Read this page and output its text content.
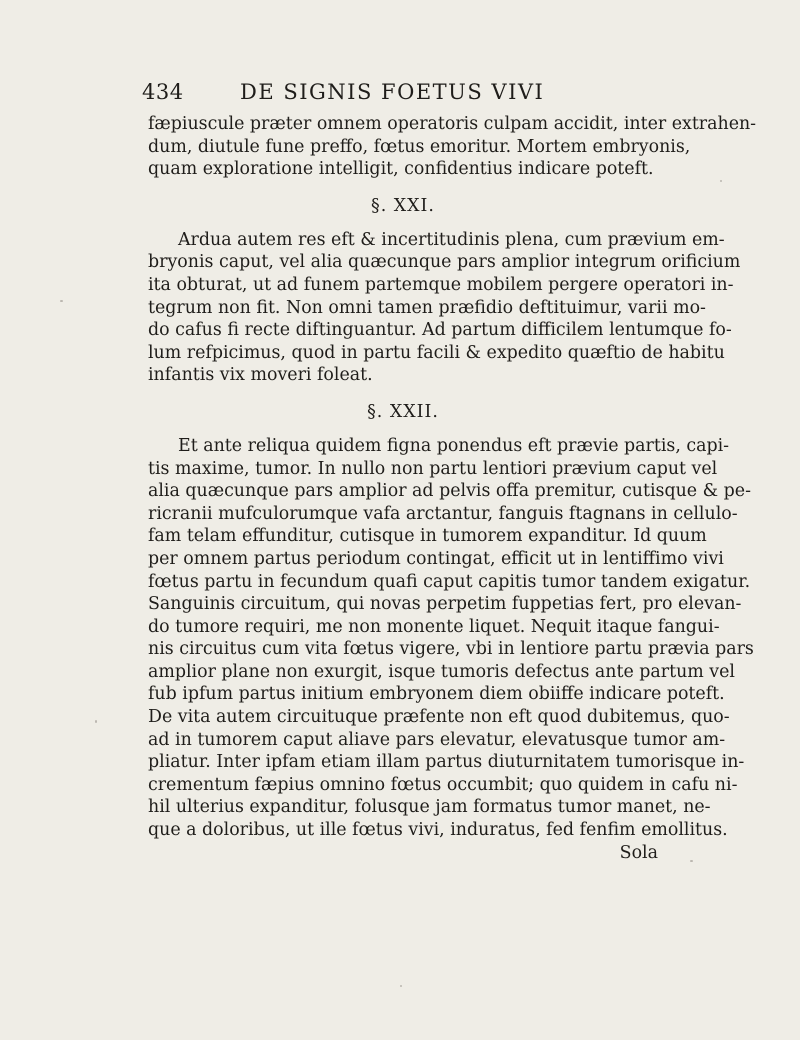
434	DE SIGNIS FOETUS VIVI
fæpiuscule præter omnem operatoris culpam accidit, inter extrahen-
dum, diutule fune preffo, fœtus emoritur. Mortem embryonis,
quam exploratione intelligit, confidentius indicare poteft.
§. XXI.
Ardua autem res eft & incertitudinis plena, cum prævium em-
bryonis caput, vel alia quæcunque pars amplior integrum orificium
ita obturat, ut ad funem partemque mobilem pergere operatori in-
tegrum non fit. Non omni tamen præfidio deftituimur, varii mo-
do cafus fi recte diftinguantur. Ad partum difficilem lentumque fo-
lum refpicimus, quod in partu facili & expedito quæftio de habitu
infantis vix moveri foleat.
§. XXII.
Et ante reliqua quidem figna ponendus eft prævie partis, capi-
tis maxime, tumor. In nullo non partu lentiori prævium caput vel
alia quæcunque pars amplior ad pelvis offa premitur, cutisque & pe-
ricranii mufculorumque vafa arctantur, fanguis ftagnans in cellulo-
fam telam effunditur, cutisque in tumorem expanditur. Id quum
per omnem partus periodum contingat, efficit ut in lentiffimo vivi
fœtus partu in fecundum quafi caput capitis tumor tandem exigatur.
Sanguinis circuitum, qui novas perpetim fuppetias fert, pro elevan-
do tumore requiri, me non monente liquet. Nequit itaque fangui-
nis circuitus cum vita fœtus vigere, vbi in lentiore partu prævia pars
amplior plane non exurgit, isque tumoris defectus ante partum vel
fub ipfum partus initium embryonem diem obiiffe indicare poteft.
De vita autem circuituque præfente non eft quod dubitemus, quo-
ad in tumorem caput aliave pars elevatur, elevatusque tumor am-
pliatur. Inter ipfam etiam illam partus diuturnitatem tumorisque in-
crementum fæpius omnino fœtus occumbit; quo quidem in cafu ni-
hil ulterius expanditur, folusque jam formatus tumor manet, ne-
que a doloribus, ut ille fœtus vivi, induratus, fed fenfim emollitus.
Sola
